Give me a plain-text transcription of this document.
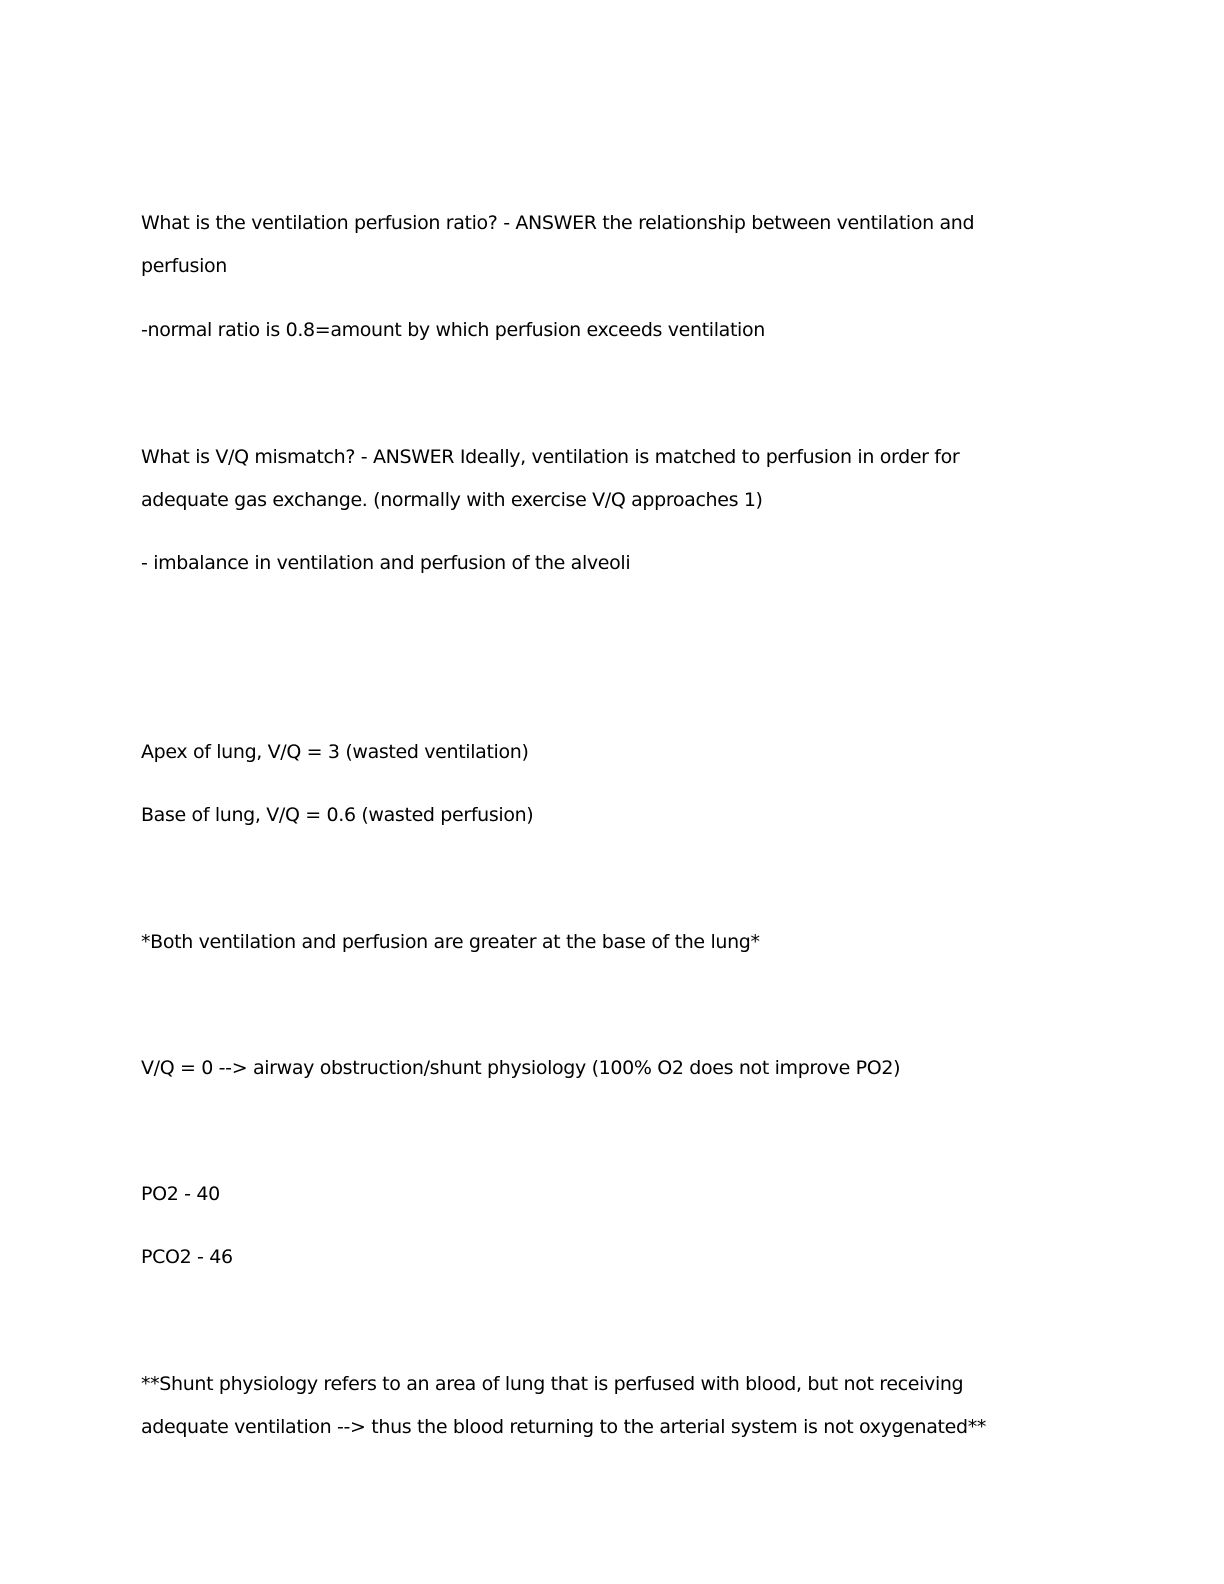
What is the ventilation perfusion ratio? - ANSWER the relationship between ventilation and
perfusion
-normal ratio is 0.8=amount by which perfusion exceeds ventilation
What is V/Q mismatch? - ANSWER Ideally, ventilation is matched to perfusion in order for
adequate gas exchange. (normally with exercise V/Q approaches 1)
- imbalance in ventilation and perfusion of the alveoli
Apex of lung, V/Q = 3 (wasted ventilation)
Base of lung, V/Q = 0.6 (wasted perfusion)
*Both ventilation and perfusion are greater at the base of the lung*
V/Q = 0 --> airway obstruction/shunt physiology (100% O2 does not improve PO2)
PO2 - 40
PCO2 - 46
**Shunt physiology refers to an area of lung that is perfused with blood, but not receiving
adequate ventilation --> thus the blood returning to the arterial system is not oxygenated**
